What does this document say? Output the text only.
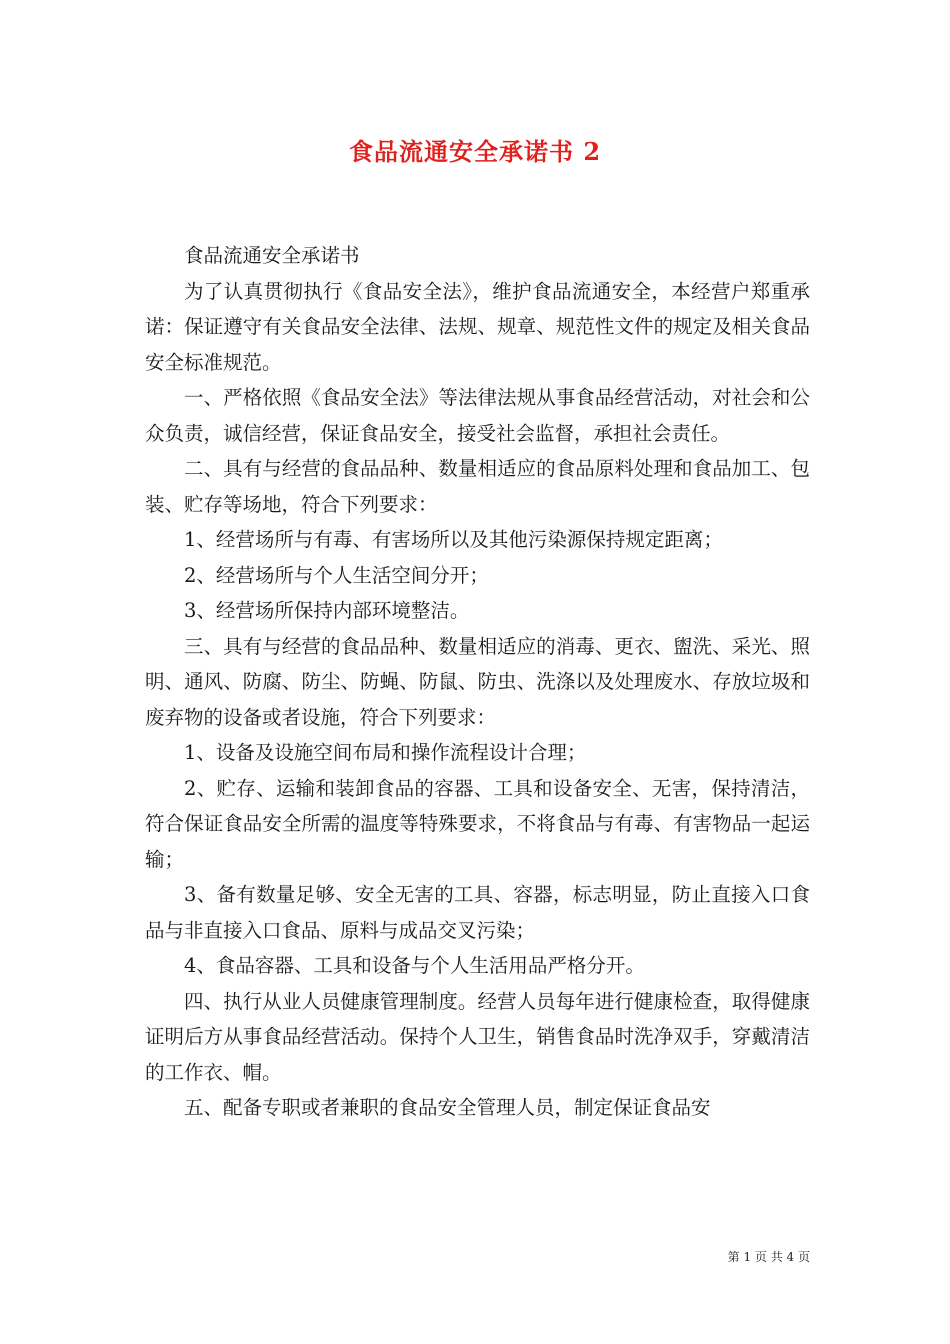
食品流通安全承诺书 2

食品流通安全承诺书

为了认真贯彻执行《食品安全法》，维护食品流通安全，本经营户郑重承诺：保证遵守有关食品安全法律、法规、规章、规范性文件的规定及相关食品安全标准规范。

一、严格依照《食品安全法》等法律法规从事食品经营活动，对社会和公众负责，诚信经营，保证食品安全，接受社会监督，承担社会责任。

二、具有与经营的食品品种、数量相适应的食品原料处理和食品加工、包装、贮存等场地，符合下列要求：

1、经营场所与有毒、有害场所以及其他污染源保持规定距离；

2、经营场所与个人生活空间分开；

3、经营场所保持内部环境整洁。

三、具有与经营的食品品种、数量相适应的消毒、更衣、盥洗、采光、照明、通风、防腐、防尘、防蝇、防鼠、防虫、洗涤以及处理废水、存放垃圾和废弃物的设备或者设施，符合下列要求：

1、设备及设施空间布局和操作流程设计合理；

2、贮存、运输和装卸食品的容器、工具和设备安全、无害，保持清洁，符合保证食品安全所需的温度等特殊要求，不将食品与有毒、有害物品一起运输；

3、备有数量足够、安全无害的工具、容器，标志明显，防止直接入口食品与非直接入口食品、原料与成品交叉污染；

4、食品容器、工具和设备与个人生活用品严格分开。

四、执行从业人员健康管理制度。经营人员每年进行健康检查，取得健康证明后方从事食品经营活动。保持个人卫生，销售食品时洗净双手，穿戴清洁的工作衣、帽。

五、配备专职或者兼职的食品安全管理人员，制定保证食品安

第 1 页 共 4 页
